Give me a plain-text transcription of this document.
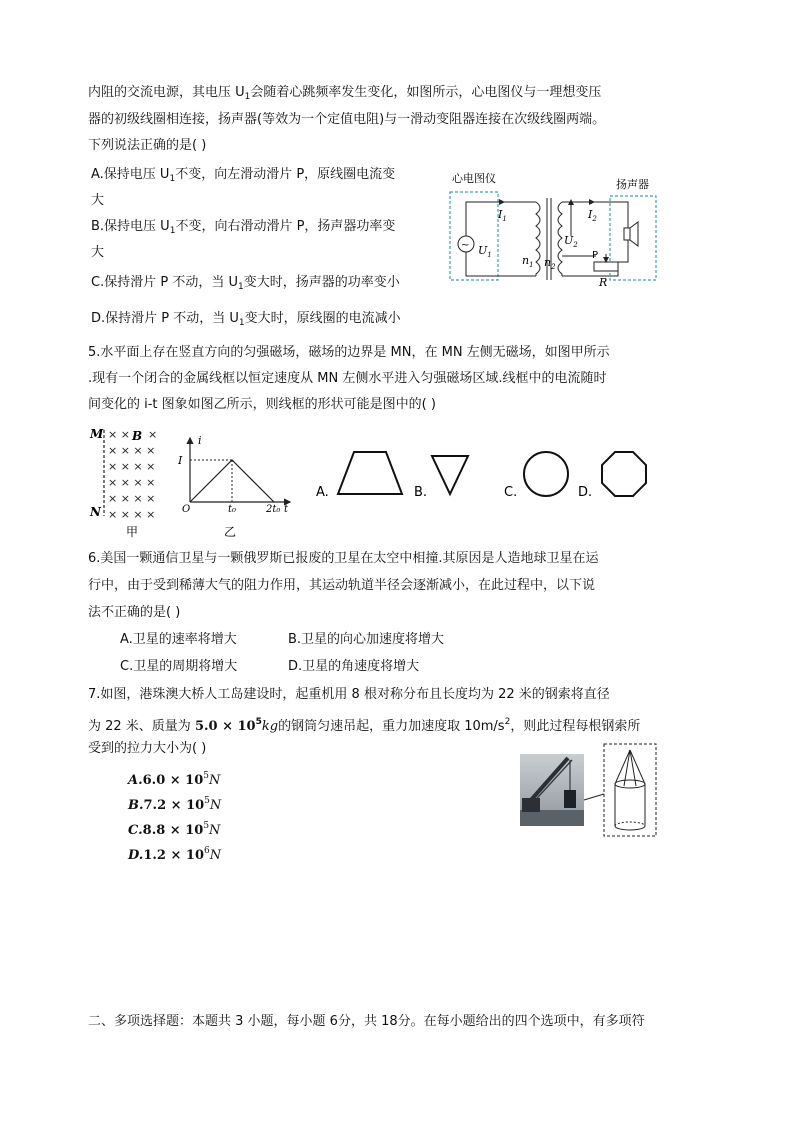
内阻的交流电源，其电压 $U_1$会随着心跳频率发生变化，如图所示，心电图仪与一理想变压
器的初级线圈相连接，扬声器(等效为一个定值电阻)与一滑动变阻器连接在次级线圈两端。
下列说法正确的是( )
A.保持电压 $U_1$不变，向左滑动滑片 P，原线圈电流变
大
B.保持电压 $U_1$不变，向右滑动滑片 P，扬声器功率变
大
C.保持滑片 P 不动，当 $U_1$变大时，扬声器的功率变小
D.保持滑片 P 不动，当 $U_1$变大时，原线圈的电流减小
心电图仪	扬声器
~ $U_1$
$I_1$
$n_1$
$U_2$
$I_2$
$n_2$
P
R
5.水平面上存在竖直方向的匀强磁场，磁场的边界是 MN，在 MN 左侧无磁场，如图甲所示
.现有一个闭合的金属线框以恒定速度从 MN 左侧水平进入匀强磁场区域.线框中的电流随时
间变化的 i-t 图象如图乙所示，则线框的形状可能是图中的( )
M
N
× × ×
× × × ×
× × × ×
× × × ×
× × × ×
× × × ×
B
甲
i
I
O	t₀	2t₀ t
乙
A.	B.	C.	D.
6.美国一颗通信卫星与一颗俄罗斯已报废的卫星在太空中相撞.其原因是人造地球卫星在运
行中，由于受到稀薄大气的阻力作用，其运动轨道半径会逐渐减小，在此过程中，以下说
法不正确的是( )
A.卫星的速率将增大	B.卫星的向心加速度将增大
C.卫星的周期将增大	D.卫星的角速度将增大
7.如图，港珠澳大桥人工岛建设时，起重机用 8 根对称分布且长度均为 22 米的钢索将直径
为 22 米、质量为 $5.0 \times 10^5kg$的钢筒匀速吊起，重力加速度取 $10m/s^2$，则此过程每根钢索所
受到的拉力大小为( )
$A.6.0 \times 10^5N$
$B.7.2 \times 10^5N$
$C.8.8 \times 10^5N$
$D.1.2 \times 10^6N$
二、多项选择题：本题共 3 小题，每小题 6分，共 18分。在每小题给出的四个选项中，有多项符
